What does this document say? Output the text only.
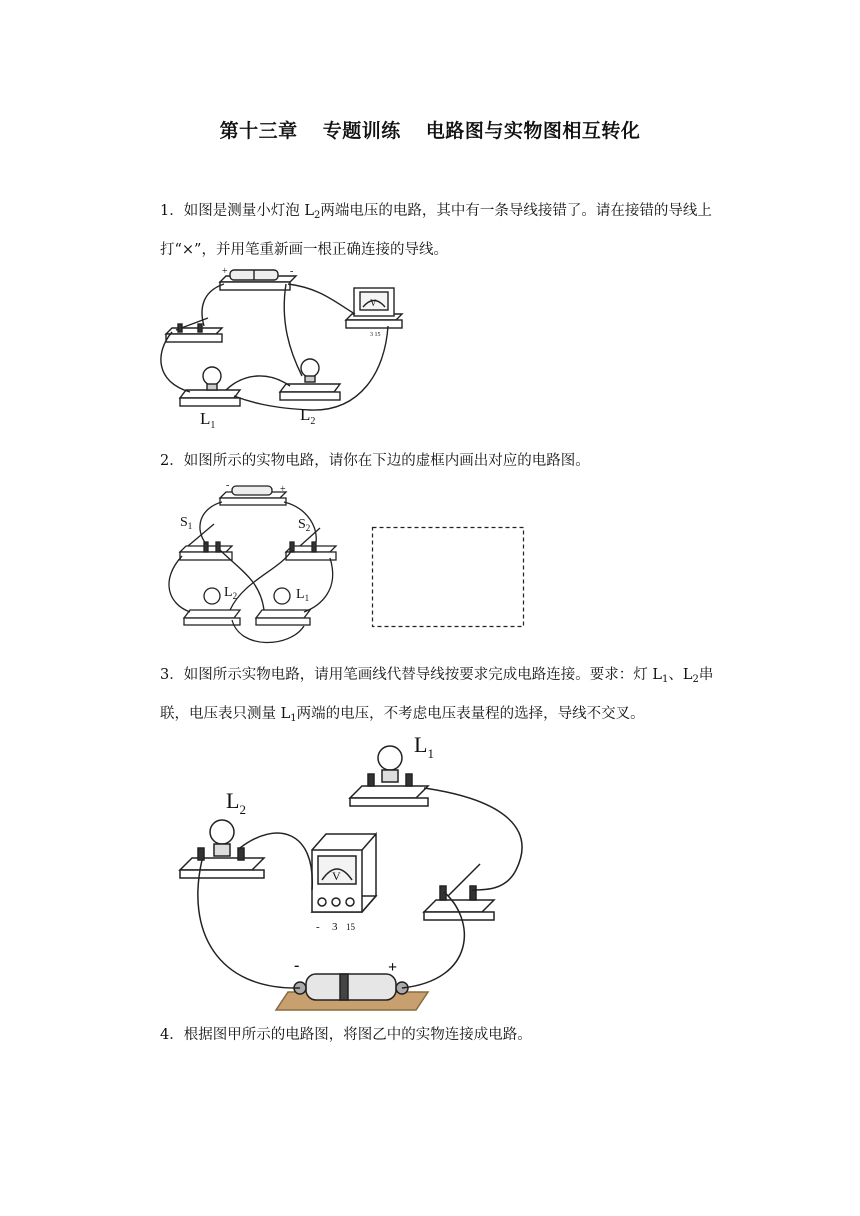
第十三章 专题训练 电路图与实物图相互转化
1．如图是测量小灯泡 $L_2$两端电压的电路，其中有一条导线接错了。请在接错的导线上打“×”，并用笔重新画一根正确连接的导线。
+	-
V
3 15
$L_1$
$L_2$
2．如图所示的实物电路，请你在下边的虚框内画出对应的电路图。
-	+
$S_1$	$S_2$
$L_2$	$L_1$
3．如图所示实物电路，请用笔画线代替导线按要求完成电路连接。要求：灯 $L_1$、$L_2$串联，电压表只测量 $L_1$两端的电压，不考虑电压表量程的选择，导线不交叉。
$L_1$
$L_2$
V
- 3 15
-	+
4．根据图甲所示的电路图，将图乙中的实物连接成电路。
